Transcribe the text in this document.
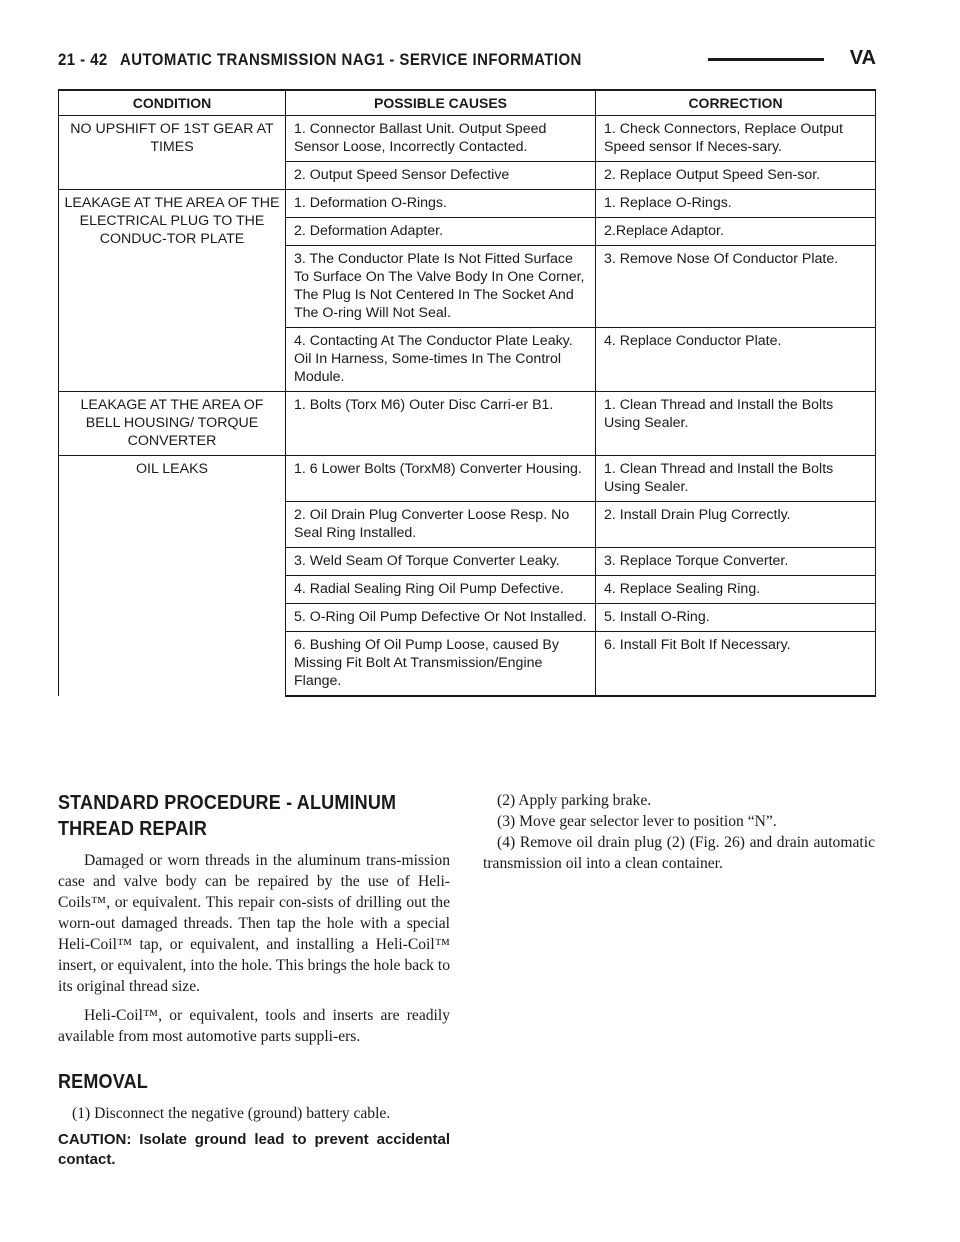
21 - 42 AUTOMATIC TRANSMISSION NAG1 - SERVICE INFORMATION	VA
CONDITION	POSSIBLE CAUSES	CORRECTION
NO UPSHIFT OF 1ST GEAR AT TIMES	1. Connector Ballast Unit. Output Speed Sensor Loose, Incorrectly Contacted.	1. Check Connectors, Replace Output Speed sensor If Neces-sary.
	2. Output Speed Sensor Defective	2. Replace Output Speed Sen-sor.
LEAKAGE AT THE AREA OF THE ELECTRICAL PLUG TO THE CONDUC-TOR PLATE	1. Deformation O-Rings.	1. Replace O-Rings.
	2. Deformation Adapter.	2.Replace Adaptor.
	3. The Conductor Plate Is Not Fitted Surface To Surface On The Valve Body In One Corner, The Plug Is Not Centered In The Socket And The O-ring Will Not Seal.	3. Remove Nose Of Conductor Plate.
	4. Contacting At The Conductor Plate Leaky. Oil In Harness, Some-times In The Control Module.	4. Replace Conductor Plate.
LEAKAGE AT THE AREA OF BELL HOUSING/ TORQUE CONVERTER	1. Bolts (Torx M6) Outer Disc Carri-er B1.	1. Clean Thread and Install the Bolts Using Sealer.
OIL LEAKS	1. 6 Lower Bolts (TorxM8) Converter Housing.	1. Clean Thread and Install the Bolts Using Sealer.
	2. Oil Drain Plug Converter Loose Resp. No Seal Ring Installed.	2. Install Drain Plug Correctly.
	3. Weld Seam Of Torque Converter Leaky.	3. Replace Torque Converter.
	4. Radial Sealing Ring Oil Pump Defective.	4. Replace Sealing Ring.
	5. O-Ring Oil Pump Defective Or Not Installed.	5. Install O-Ring.
	6. Bushing Of Oil Pump Loose, caused By Missing Fit Bolt At Transmission/Engine Flange.	6. Install Fit Bolt If Necessary.
STANDARD PROCEDURE - ALUMINUM
THREAD REPAIR

Damaged or worn threads in the aluminum trans-mission case and valve body can be repaired by the use of Heli-Coils™, or equivalent. This repair con-sists of drilling out the worn-out damaged threads. Then tap the hole with a special Heli-Coil™ tap, or equivalent, and installing a Heli-Coil™ insert, or equivalent, into the hole. This brings the hole back to its original thread size.

Heli-Coil™, or equivalent, tools and inserts are readily available from most automotive parts suppli-ers.

REMOVAL

(1) Disconnect the negative (ground) battery cable.

CAUTION: Isolate ground lead to prevent accidental contact.

(2) Apply parking brake.

(3) Move gear selector lever to position “N”.

(4) Remove oil drain plug (2) (Fig. 26) and drain automatic transmission oil into a clean container.
